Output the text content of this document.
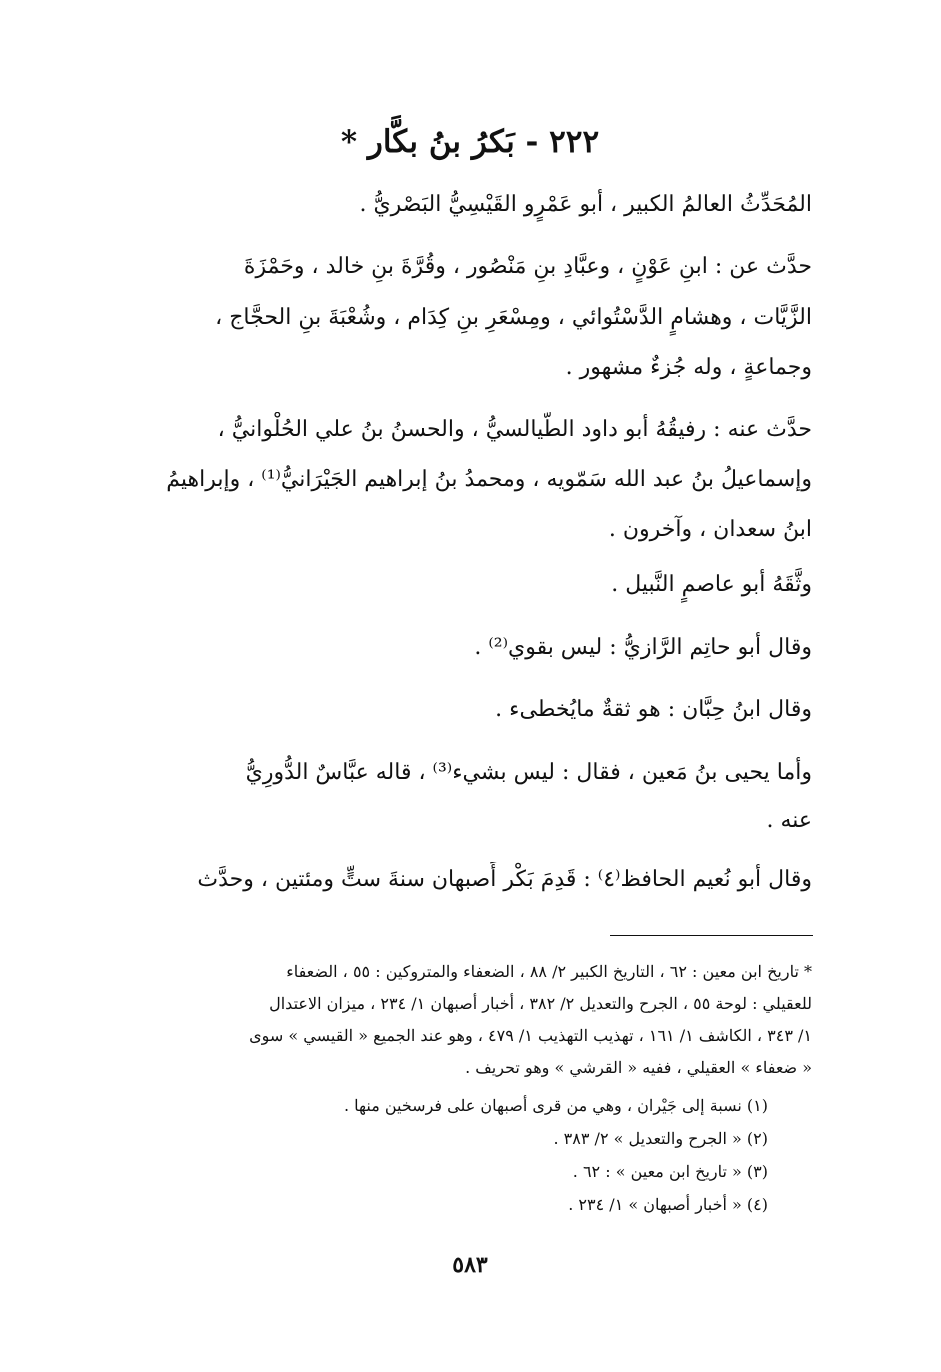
٢٢٢ - بَكرُ بنُ بكَّار *
المُحَدِّثُ العالمُ الكبير ، أبو عَمْرٍو القَيْسِيُّ البَصْريُّ .
حدَّث عن : ابنِ عَوْنٍ ، وعبَّادِ بنِ مَنْصُور ، وقُرَّةَ بنِ خالد ، وحَمْزَةَ
الزَّيَّات ، وهشامٍ الدَّسْتُوائي ، ومِسْعَرِ بنِ كِدَام ، وشُعْبَةَ بنِ الحجَّاج ،
وجماعةٍ ، وله جُزءٌ مشهور .
حدَّث عنه : رفيقُهُ أبو داود الطَّيالسيُّ ، والحسنُ بنُ علي الحُلْوانيُّ ،
وإسماعيلُ بنُ عبد الله سَمّويه ، ومحمدُ بنُ إبراهيم الجَيْرَانيُّ⁽¹⁾ ، وإبراهيمُ
ابنُ سعدان ، وآخرون .
وثَّقَهُ أبو عاصمٍ النَّبيل .
وقال أبو حاتِم الرَّازيُّ : ليس بقوي⁽²⁾ .
وقال ابنُ حِبَّان : هو ثقةٌ مايُخطىء .
وأما يحيى بنُ مَعين ، فقال : ليس بشيء⁽³⁾ ، قاله عبَّاسٌ الدُّورِيُّ
عنه .
وقال أبو نُعيم الحافظ⁽٤⁾ : قَدِمَ بَكْر أَصبهان سنةَ ستٍّ ومئتين ، وحدَّث
* تاريخ ابن معين : ٦٢ ، التاريخ الكبير ٢/ ٨٨ ، الضعفاء والمتروكين : ٥٥ ، الضعفاء
للعقيلي : لوحة ٥٥ ، الجرح والتعديل ٢/ ٣٨٢ ، أخبار أصبهان ١/ ٢٣٤ ، ميزان الاعتدال
١/ ٣٤٣ ، الكاشف ١/ ١٦١ ، تهذيب التهذيب ١/ ٤٧٩ ، وهو عند الجميع « القيسي » سوى
« ضعفاء » العقيلي ، ففيه « القرشي » وهو تحريف .
(١) نسبة إلى جَيْران ، وهي من قرى أصبهان على فرسخين منها .
(٢) « الجرح والتعديل » ٢/ ٣٨٣ .
(٣) « تاريخ ابن معين » : ٦٢ .
(٤) « أخبار أصبهان » ١/ ٢٣٤ .
٥٨٣
